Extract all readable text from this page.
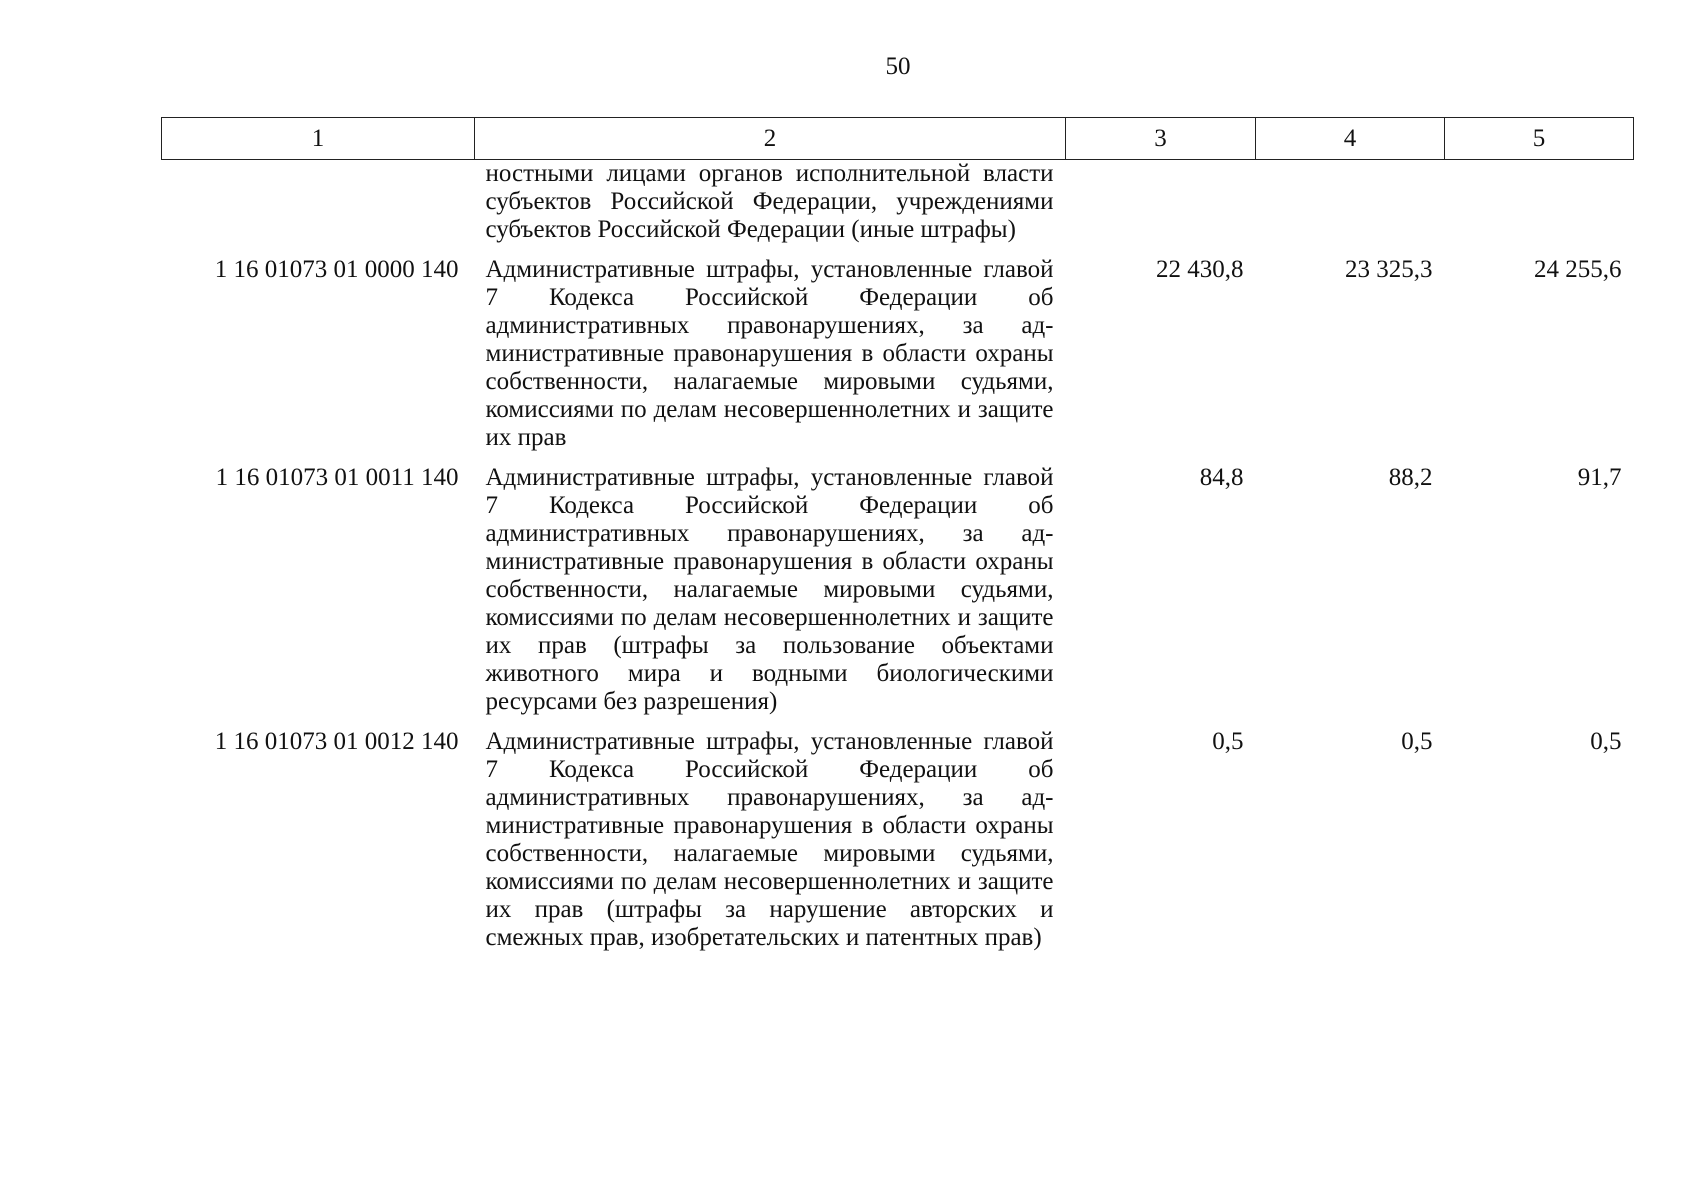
50
1	2	3	4	5
	ностными лицами органов исполнительной власти субъектов Российской Федерации, учреждениями субъектов Российской Федерации (иные штрафы)			
1 16 01073 01 0000 140	Административные штрафы, установленные главой 7 Кодекса Российской Федерации об административных правонарушениях, за административные правонарушения в области охраны собственности, налагаемые мировыми судьями, комиссиями по делам несовершеннолетних и защите их прав	22 430,8	23 325,3	24 255,6
1 16 01073 01 0011 140	Административные штрафы, установленные главой 7 Кодекса Российской Федерации об административных правонарушениях, за административные правонарушения в области охраны собственности, налагаемые мировыми судьями, комиссиями по делам несовершеннолетних и защите их прав (штрафы за пользование объектами животного мира и водными биологическими ресурсами без разрешения)	84,8	88,2	91,7
1 16 01073 01 0012 140	Административные штрафы, установленные главой 7 Кодекса Российской Федерации об административных правонарушениях, за административные правонарушения в области охраны собственности, налагаемые мировыми судьями, комиссиями по делам несовершеннолетних и защите их прав (штрафы за нарушение авторских и смежных прав, изобретательских и патентных прав)	0,5	0,5	0,5
